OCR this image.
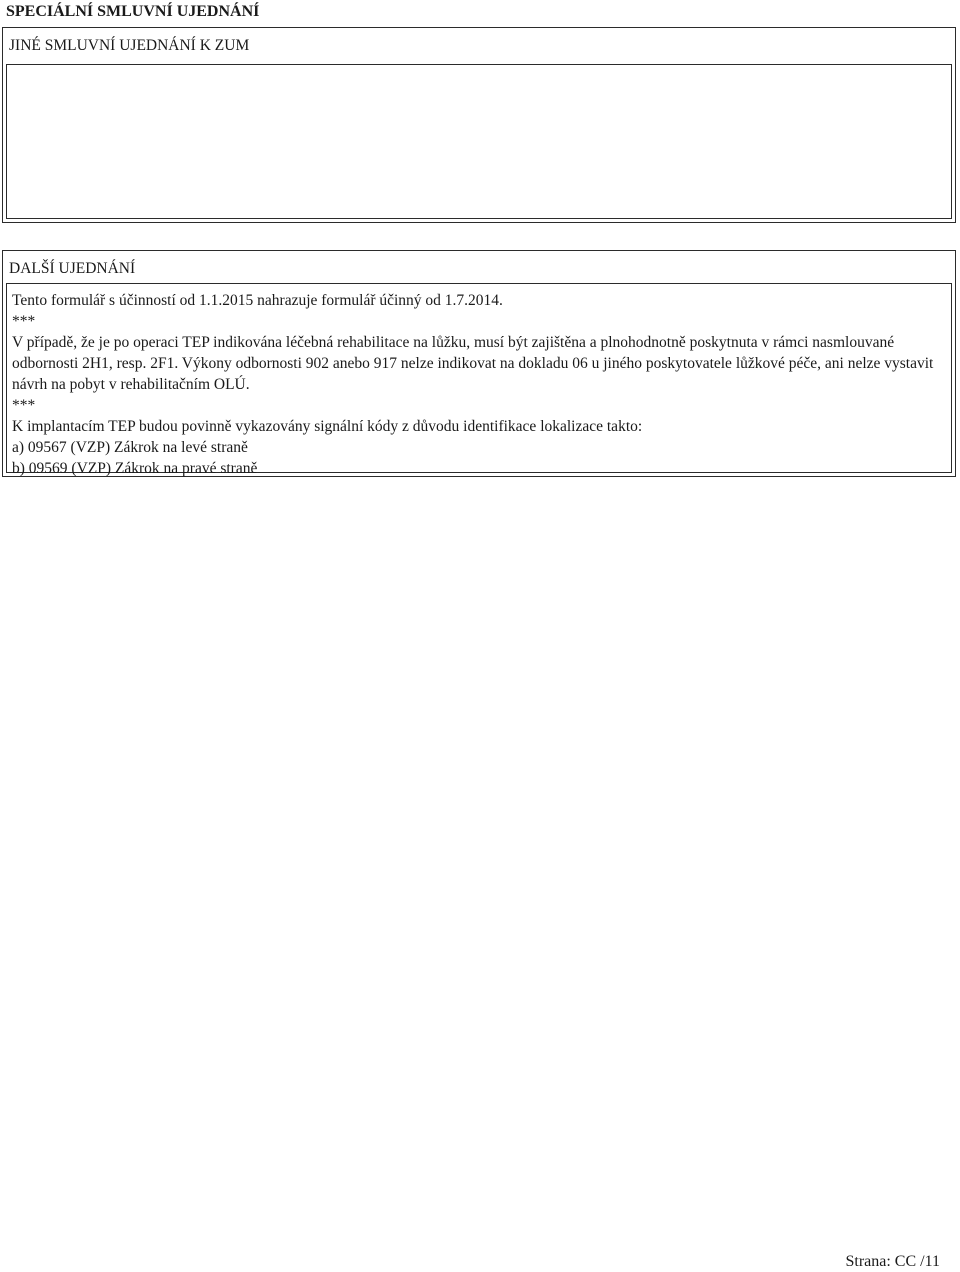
SPECIÁLNÍ SMLUVNÍ UJEDNÁNÍ
JINÉ SMLUVNÍ UJEDNÁNÍ K ZUM
DALŠÍ UJEDNÁNÍ
Tento formulář s účinností od 1.1.2015 nahrazuje formulář účinný od 1.7.2014.
***
V případě, že je po operaci TEP indikována léčebná rehabilitace na lůžku, musí být zajištěna a plnohodnotně poskytnuta v rámci nasmlouvané odbornosti 2H1, resp. 2F1. Výkony odbornosti 902 anebo 917 nelze indikovat na dokladu 06 u jiného poskytovatele lůžkové péče, ani nelze vystavit návrh na pobyt v rehabilitačním OLÚ.
***
K implantacím TEP budou povinně vykazovány signální kódy z důvodu identifikace lokalizace takto:
a) 09567 (VZP) Zákrok na levé straně
b) 09569 (VZP) Zákrok na pravé straně
Strana: CC /11
